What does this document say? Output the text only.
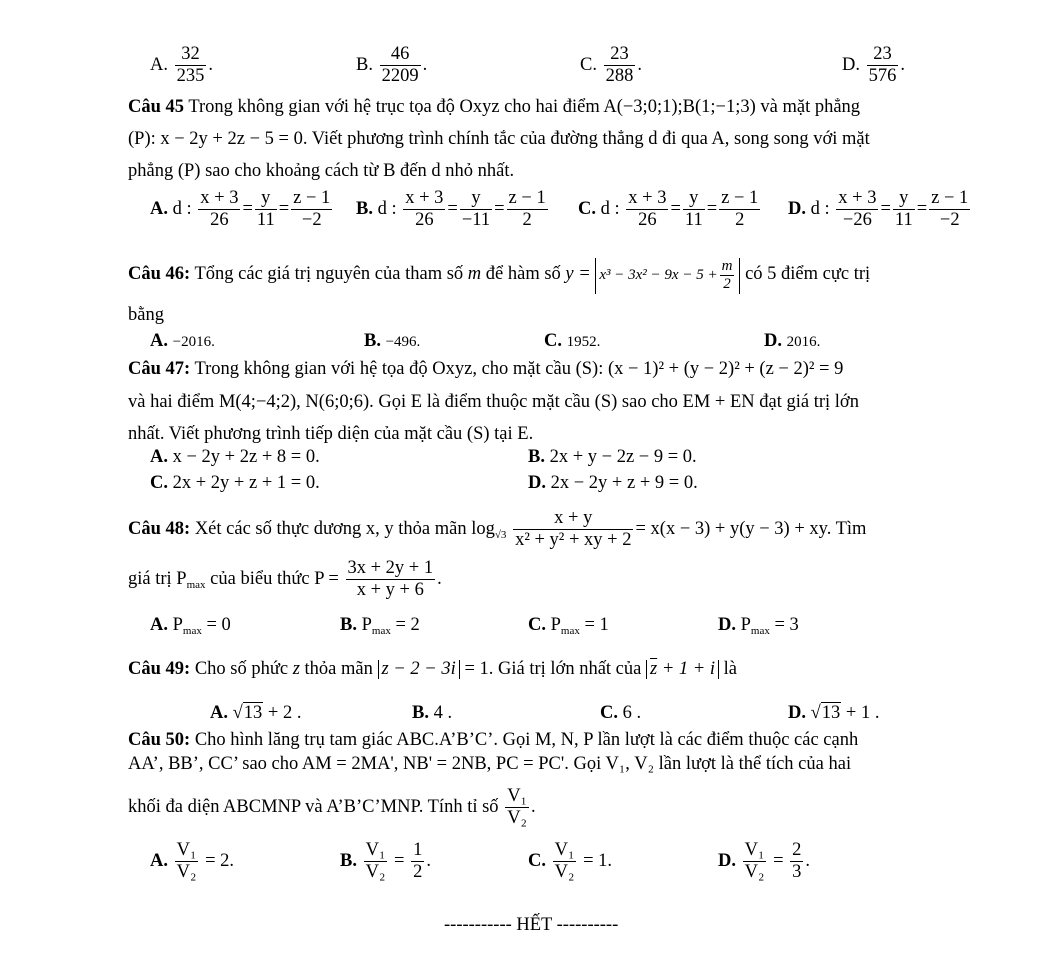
A. $\frac{32}{235}$ .	B. $\frac{46}{2209}$ .	C. $\frac{23}{288}$ .	D. $\frac{23}{576}$ .
Câu 45 Trong không gian với hệ trục tọa độ Oxyz cho hai điểm A(−3;0;1);B(1;−1;3) và mặt phẳng
(P): x − 2y + 2z − 5 = 0. Viết phương trình chính tắc của đường thẳng d đi qua A, song song với mặt
phẳng (P) sao cho khoảng cách từ B đến d nhỏ nhất.
A. d : $\frac{x + 3}{26} = \frac{y}{11} = \frac{z - 1}{-2} B$. d : $\frac{x + 3}{26} = \frac{y}{-11} = \frac{z - 1}{2} C$. d : $\frac{x + 3}{26} = \frac{y}{11} = \frac{z - 1}{2} D$. d : $\frac{x + 3}{-26} = \frac{y}{11} = \frac{z - 1}{-2}$
Câu 46: Tổng các giá trị nguyên của tham số m để hàm số $y = x^3 - 3x^2 - 9x - 5 + \frac{m}{2}$ có 5 điểm cực trị
bằng
A. −2016.	B. −496.	C. 1952.	D. 2016.
Câu 47: Trong không gian với hệ tọa độ Oxyz, cho mặt cầu (S): (x − 1)² + (y − 2)² + (z − 2)² = 9
và hai điểm M(4;−4;2), N(6;0;6). Gọi E là điểm thuộc mặt cầu (S) sao cho EM + EN đạt giá trị lớn
nhất. Viết phương trình tiếp diện của mặt cầu (S) tại E.
A. x − 2y + 2z + 8 = 0.	B. 2x + y − 2z − 9 = 0.
C. 2x + 2y + z + 1 = 0.	D. 2x − 2y + z + 9 = 0.
Câu 48: Xét các số thực dương x, y thỏa mãn $\log_{√3} \frac{x + y}{\text{x² + y² + xy + 2}} = x(x - 3) + y(y - 3)$ + xy. Tìm
giá trị $P_{max}$ của biểu thức $P = \frac{3x + 2y + 1}{x + y + 6}$ .
A. $P_{max} = 0$	B. $P_{max} = 2$	C. $P_{max} = 1$	D. $P_{max} = 3$
Câu 49: Cho số phức z thỏa mãn z − 2 − 3i = 1. Giá trị lớn nhất của $\overline{z} + 1 + i$ là
A. √13 + 2 .	B. 4 .	C. 6 .	D. √13 + 1 .
Câu 50: Cho hình lăng trụ tam giác ABC.A’B’C’. Gọi M, N, P lần lượt là các điểm thuộc các cạnh
AA’, BB’, CC’ sao cho AM = 2MA', NB' = 2NB, PC = PC'. Gọi V₁, V₂ lần lượt là thể tích của hai
khối đa diện ABCMNP và A’B’C’MNP. Tính tỉ số $\frac{\text{V₁}}{\text{V₂}}$ .
A. $\frac{\text{V₁}}{\text{V₂}} = 2$.	B. $\frac{\text{V₁}}{\text{V₂}} = \frac{1}{2}$ .	C. $\frac{\text{V₁}}{\text{V₂}} = 1$.	D. $\frac{\text{V₁}}{\text{V₂}} = \frac{2}{3}$ .
----------- HẾT ----------
